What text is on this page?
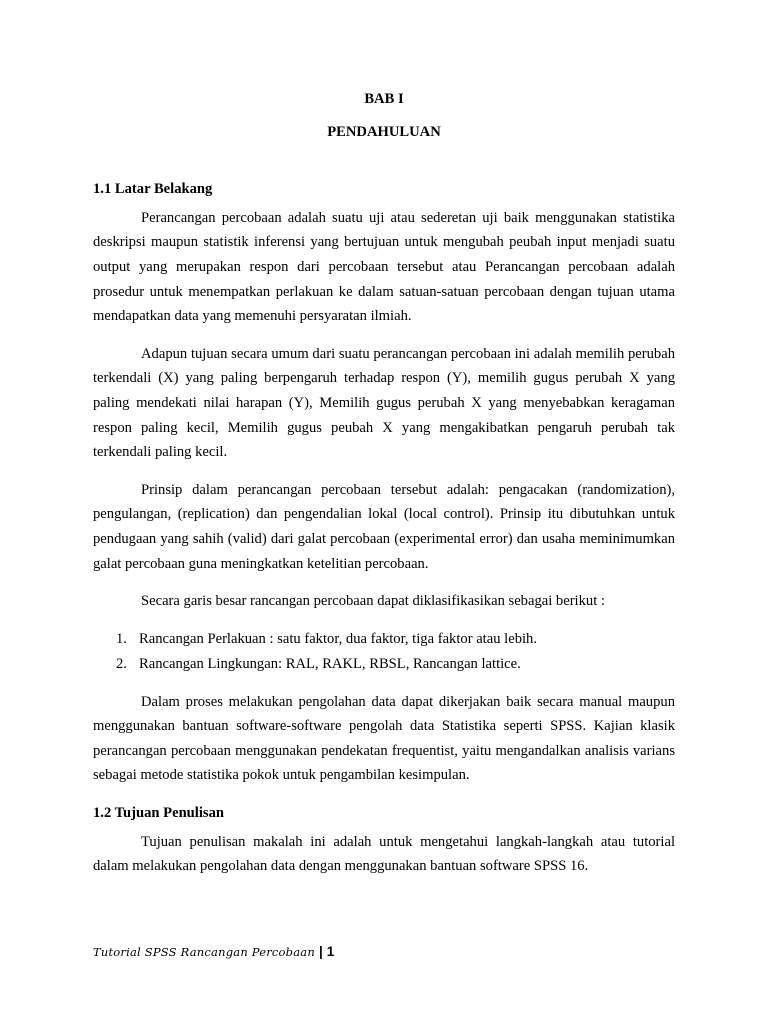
BAB I

PENDAHULUAN

1.1 Latar Belakang

Perancangan percobaan adalah suatu uji atau sederetan uji baik menggunakan statistika deskripsi maupun statistik inferensi yang bertujuan untuk mengubah peubah input menjadi suatu output yang merupakan respon dari percobaan tersebut atau Perancangan percobaan adalah prosedur untuk menempatkan perlakuan ke dalam satuan-satuan percobaan dengan tujuan utama mendapatkan data yang memenuhi persyaratan ilmiah.

Adapun tujuan secara umum dari suatu perancangan percobaan ini adalah memilih perubah terkendali (X) yang paling berpengaruh terhadap respon (Y), memilih gugus perubah X yang paling mendekati nilai harapan (Y), Memilih gugus perubah X yang menyebabkan keragaman respon paling kecil, Memilih gugus peubah X yang mengakibatkan pengaruh perubah tak terkendali paling kecil.

Prinsip dalam perancangan percobaan tersebut adalah: pengacakan (randomization), pengulangan, (replication) dan pengendalian lokal (local control). Prinsip itu dibutuhkan untuk pendugaan yang sahih (valid) dari galat percobaan (experimental error) dan usaha meminimumkan galat percobaan guna meningkatkan ketelitian percobaan.

Secara garis besar rancangan percobaan dapat diklasifikasikan sebagai berikut :

1. Rancangan Perlakuan : satu faktor, dua faktor, tiga faktor atau lebih.
2. Rancangan Lingkungan: RAL, RAKL, RBSL, Rancangan lattice.

Dalam proses melakukan pengolahan data dapat dikerjakan baik secara manual maupun menggunakan bantuan software-software pengolah data Statistika seperti SPSS. Kajian klasik perancangan percobaan menggunakan pendekatan frequentist, yaitu mengandalkan analisis varians sebagai metode statistika pokok untuk pengambilan kesimpulan.

1.2 Tujuan Penulisan

Tujuan penulisan makalah ini adalah untuk mengetahui langkah-langkah atau tutorial dalam melakukan pengolahan data dengan menggunakan bantuan software SPSS 16.

Tutorial SPSS Rancangan Percobaan | 1
